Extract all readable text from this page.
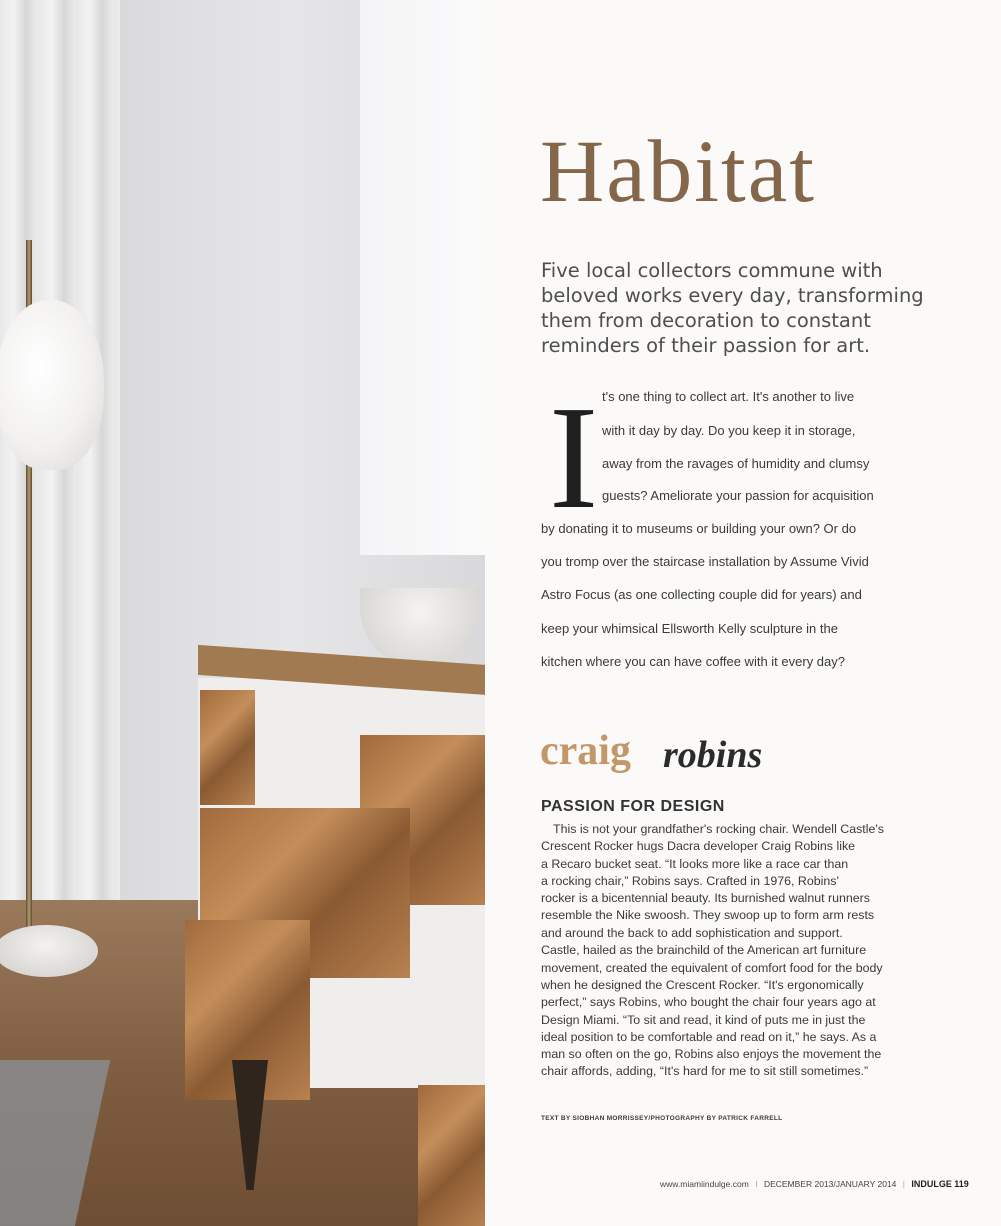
Habitat

Five local collectors commune with beloved works every day, transforming them from decoration to constant reminders of their passion for art.

I t's one thing to collect art. It's another to live
with it day by day. Do you keep it in storage,
away from the ravages of humidity and clumsy
guests? Ameliorate your passion for acquisition
by donating it to museums or building your own? Or do
you tromp over the staircase installation by Assume Vivid
Astro Focus (as one collecting couple did for years) and
keep your whimsical Ellsworth Kelly sculpture in the
kitchen where you can have coffee with it every day?
craig robins
PASSION FOR DESIGN
This is not your grandfather's rocking chair. Wendell Castle's
Crescent Rocker hugs Dacra developer Craig Robins like
a Recaro bucket seat. “It looks more like a race car than
a rocking chair,” Robins says. Crafted in 1976, Robins'
rocker is a bicentennial beauty. Its burnished walnut runners
resemble the Nike swoosh. They swoop up to form arm rests
and around the back to add sophistication and support.
Castle, hailed as the brainchild of the American art furniture
movement, created the equivalent of comfort food for the body
when he designed the Crescent Rocker. “It's ergonomically
perfect,” says Robins, who bought the chair four years ago at
Design Miami. “To sit and read, it kind of puts me in just the
ideal position to be comfortable and read on it,” he says. As a
man so often on the go, Robins also enjoys the movement the
chair affords, adding, “It's hard for me to sit still sometimes.”

TEXT BY SIOBHAN MORRISSEY/PHOTOGRAPHY BY PATRICK FARRELL

www.miamiindulge.com I DECEMBER 2013/JANUARY 2014 | INDULGE 119
